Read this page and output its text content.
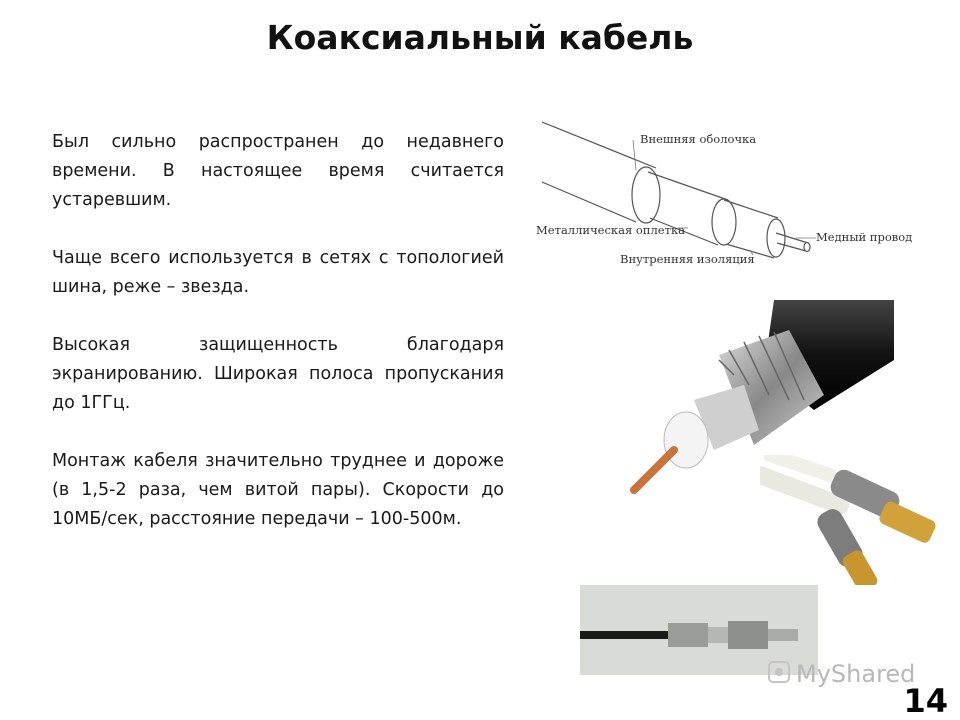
Коаксиальный кабель

Был сильно распространен до недавнего времени. В настоящее время считается устаревшим.

Чаще всего используется в сетях с топологией шина, реже – звезда.

Высокая защищенность благодаря экранированию. Широкая полоса пропускания до 1ГГц.

Монтаж кабеля значительно труднее и дороже (в 1,5-2 раза, чем витой пары). Скорости до 10МБ/сек, расстояние передачи – 100-500м.

Внешняя оболочка
Металлическая оплетка
Внутренняя изоляция
Медный провод
MyShared
14
